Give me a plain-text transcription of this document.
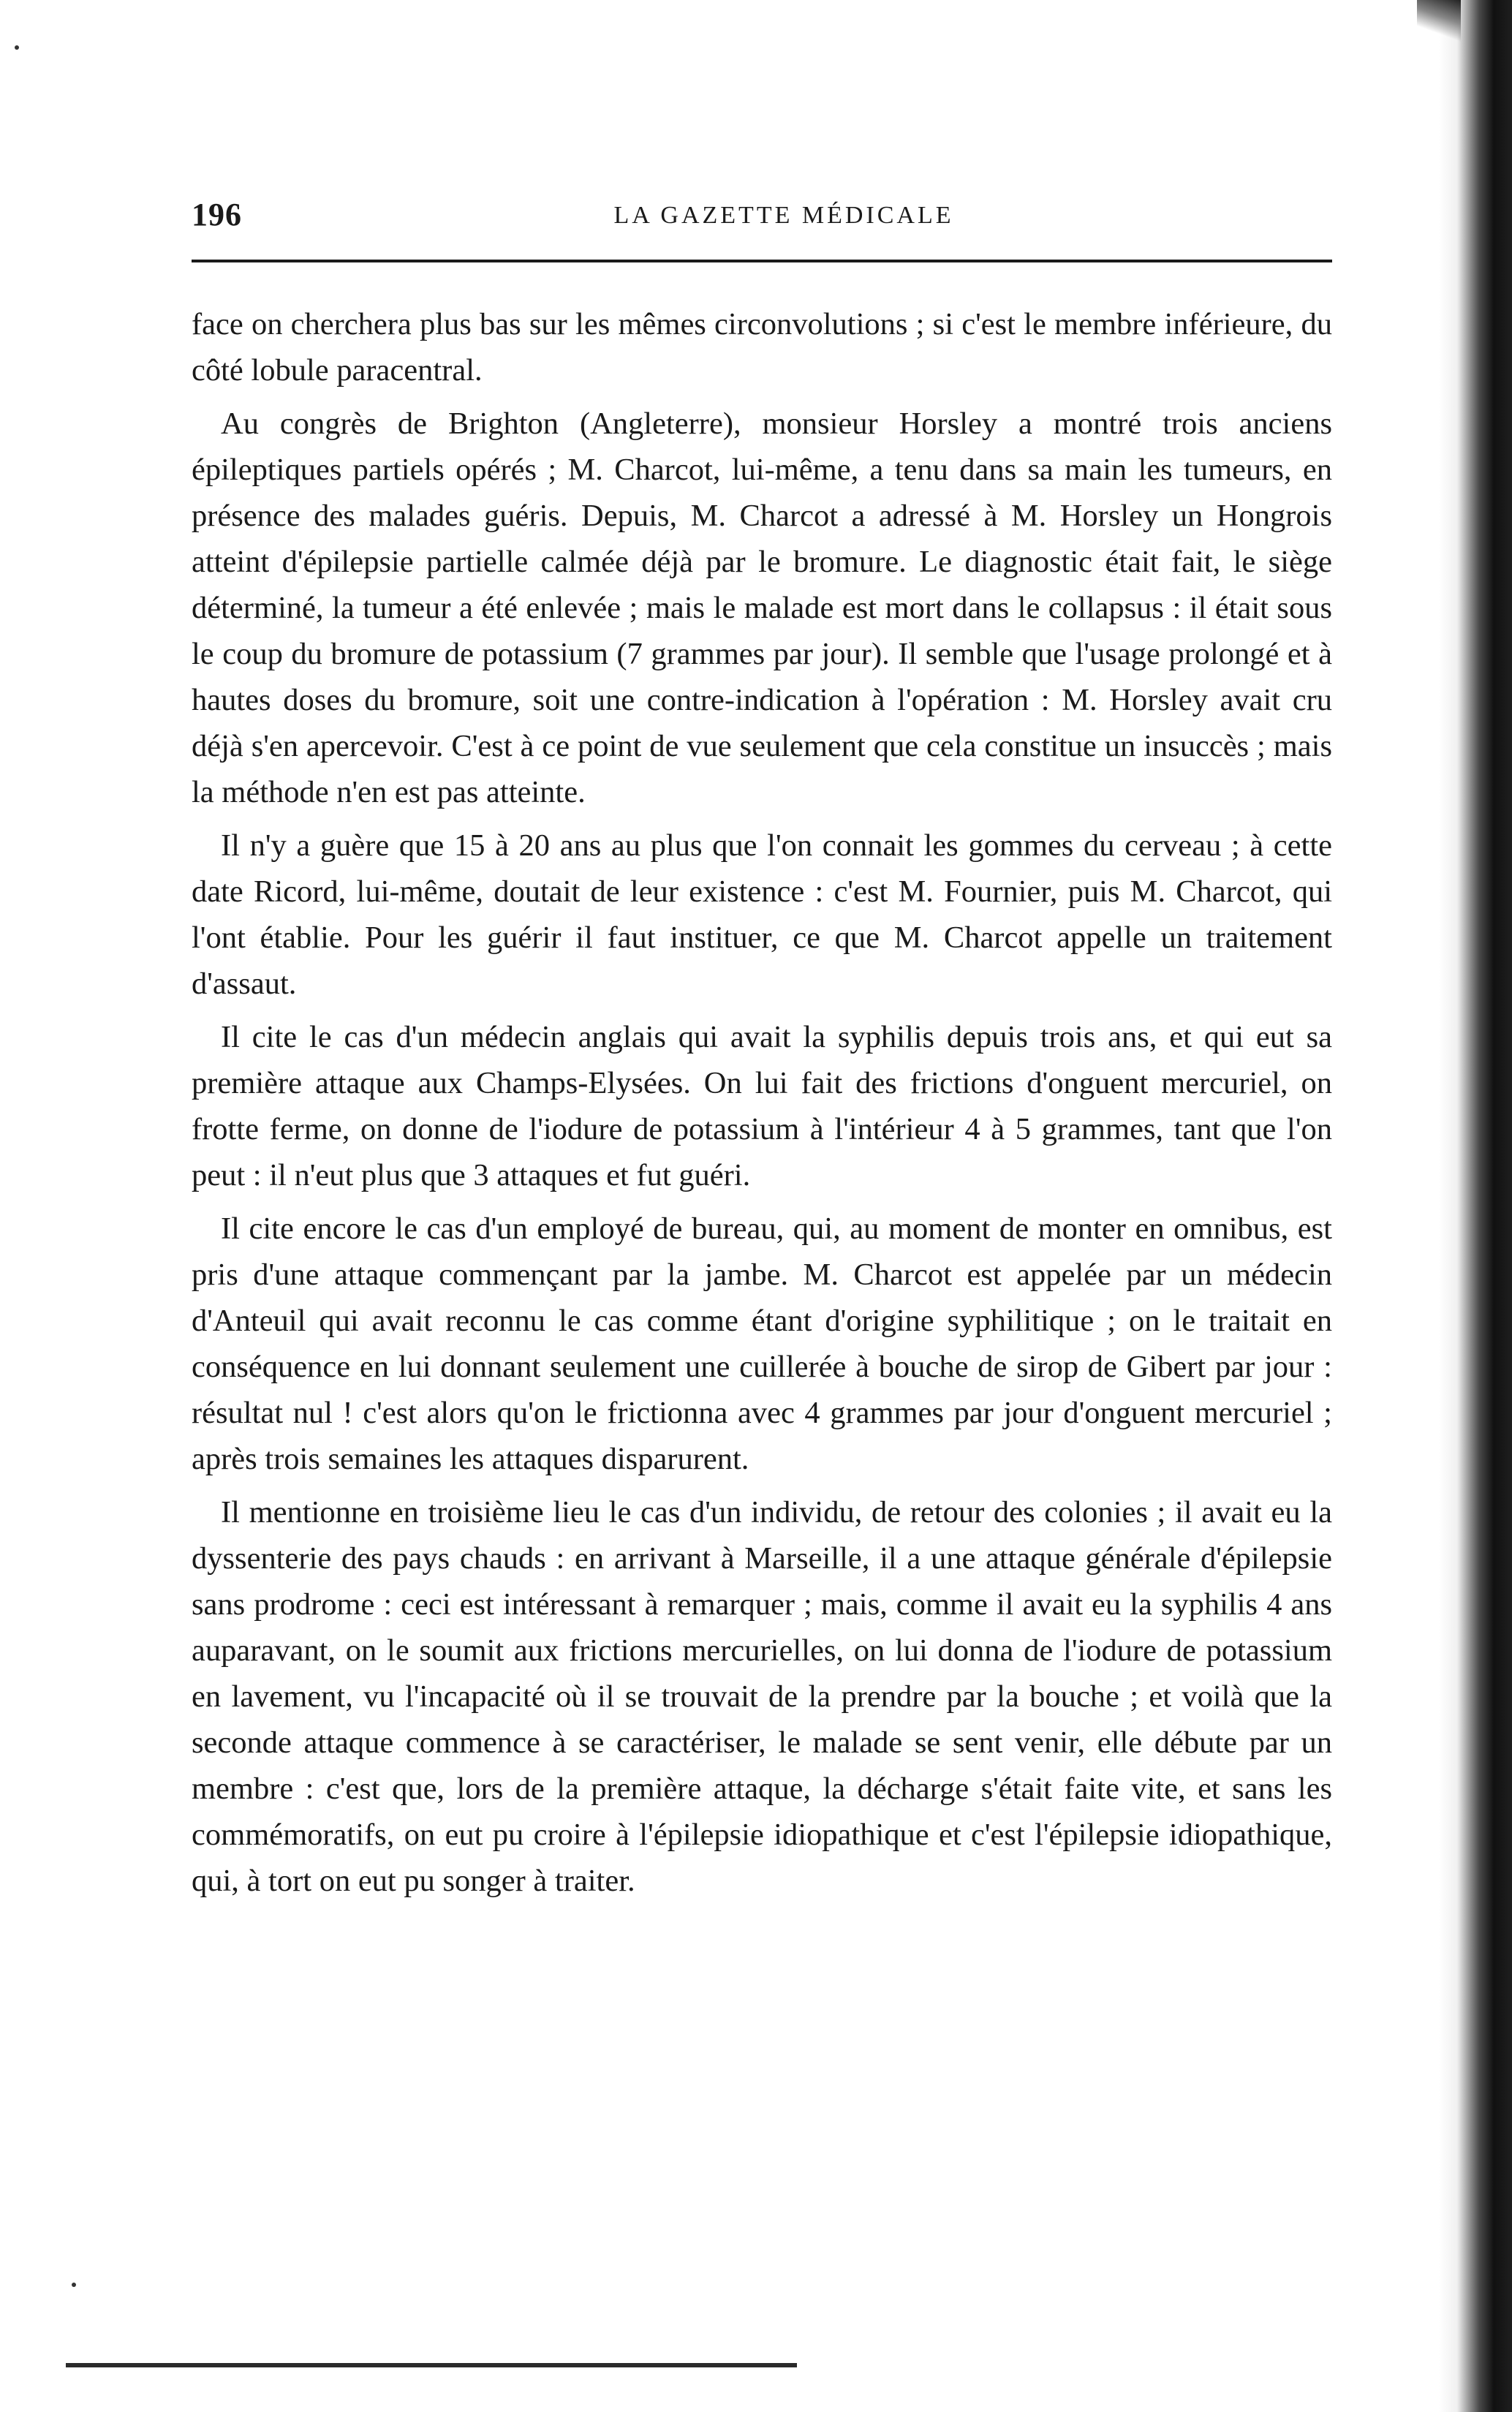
196	LA GAZETTE MÉDICALE

face on cherchera plus bas sur les mêmes circonvolutions ; si c'est le membre inférieure, du côté lobule paracentral.

Au congrès de Brighton (Angleterre), monsieur Horsley a montré trois anciens épileptiques partiels opérés ; M. Charcot, lui-même, a tenu dans sa main les tumeurs, en présence des malades guéris. Depuis, M. Charcot a adressé à M. Horsley un Hongrois atteint d'épilepsie partielle calmée déjà par le bromure. Le diagnostic était fait, le siège déterminé, la tumeur a été enlevée ; mais le malade est mort dans le collapsus : il était sous le coup du bromure de potassium (7 grammes par jour). Il semble que l'usage prolongé et à hautes doses du bromure, soit une contre-indication à l'opération : M. Horsley avait cru déjà s'en apercevoir. C'est à ce point de vue seulement que cela constitue un insuccès ; mais la méthode n'en est pas atteinte.

Il n'y a guère que 15 à 20 ans au plus que l'on connait les gommes du cerveau ; à cette date Ricord, lui-même, doutait de leur existence : c'est M. Fournier, puis M. Charcot, qui l'ont établie. Pour les guérir il faut instituer, ce que M. Charcot appelle un traitement d'assaut.

Il cite le cas d'un médecin anglais qui avait la syphilis depuis trois ans, et qui eut sa première attaque aux Champs-Elysées. On lui fait des frictions d'onguent mercuriel, on frotte ferme, on donne de l'iodure de potassium à l'intérieur 4 à 5 grammes, tant que l'on peut : il n'eut plus que 3 attaques et fut guéri.

Il cite encore le cas d'un employé de bureau, qui, au moment de monter en omnibus, est pris d'une attaque commençant par la jambe. M. Charcot est appelée par un médecin d'Anteuil qui avait reconnu le cas comme étant d'origine syphilitique ; on le traitait en conséquence en lui donnant seulement une cuillerée à bouche de sirop de Gibert par jour : résultat nul ! c'est alors qu'on le frictionna avec 4 grammes par jour d'onguent mercuriel ; après trois semaines les attaques disparurent.

Il mentionne en troisième lieu le cas d'un individu, de retour des colonies ; il avait eu la dyssenterie des pays chauds : en arrivant à Marseille, il a une attaque générale d'épilepsie sans prodrome : ceci est intéressant à remarquer ; mais, comme il avait eu la syphilis 4 ans auparavant, on le soumit aux frictions mercurielles, on lui donna de l'iodure de potassium en lavement, vu l'incapacité où il se trouvait de la prendre par la bouche ; et voilà que la seconde attaque commence à se caractériser, le malade se sent venir, elle débute par un membre : c'est que, lors de la première attaque, la décharge s'était faite vite, et sans les commémoratifs, on eut pu croire à l'épilepsie idiopathique et c'est l'épilepsie idiopathique, qui, à tort on eut pu songer à traiter.
